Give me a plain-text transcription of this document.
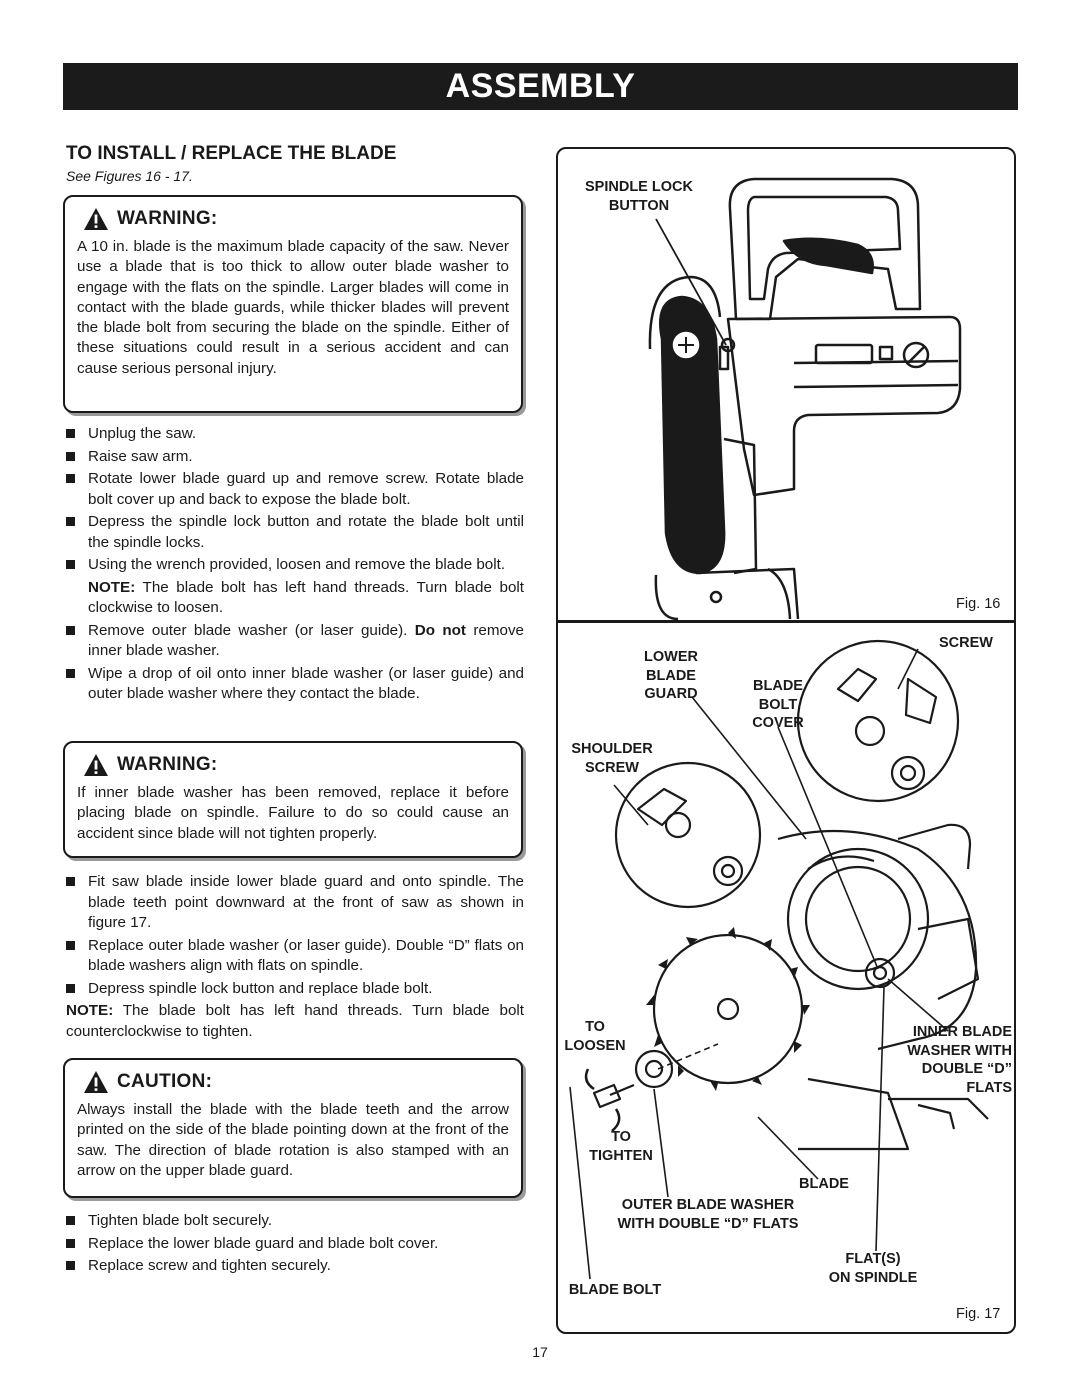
ASSEMBLY
TO INSTALL / REPLACE THE BLADE
See Figures 16 - 17.
WARNING:

A 10 in. blade is the maximum blade capacity of the saw. Never use a blade that is too thick to allow outer blade washer to engage with the flats on the spindle. Larger blades will come in contact with the blade guards, while thicker blades will prevent the blade bolt from securing the blade on the spindle. Either of these situations could result in a serious accident and can cause serious personal injury.

Unplug the saw.
Raise saw arm.
Rotate lower blade guard up and remove screw. Rotate blade bolt cover up and back to expose the blade bolt.
Depress the spindle lock button and rotate the blade bolt until the spindle locks.
Using the wrench provided, loosen and remove the blade bolt.
NOTE: The blade bolt has left hand threads. Turn blade bolt clockwise to loosen.
Remove outer blade washer (or laser guide). Do not remove inner blade washer.
Wipe a drop of oil onto inner blade washer (or laser guide) and outer blade washer where they contact the blade.
WARNING:

If inner blade washer has been removed, replace it before placing blade on spindle. Failure to do so could cause an accident since blade will not tighten properly.

Fit saw blade inside lower blade guard and onto spindle. The blade teeth point downward at the front of saw as shown in figure 17.
Replace outer blade washer (or laser guide). Double “D” flats on blade washers align with flats on spindle.
Depress spindle lock button and replace blade bolt.
NOTE: The blade bolt has left hand threads. Turn blade bolt counterclockwise to tighten.
CAUTION:

Always install the blade with the blade teeth and the arrow printed on the side of the blade pointing down at the front of the saw. The direction of blade rotation is also stamped with an arrow on the upper blade guard.

Tighten blade bolt securely.
Replace the lower blade guard and blade bolt cover.
Replace screw and tighten securely.
SPINDLE LOCK
BUTTON
Fig. 16
LOWER
BLADE
GUARD
SCREW
BLADE
BOLT
COVER
SHOULDER
SCREW
TO
LOOSEN
INNER BLADE
WASHER WITH
DOUBLE “D”
FLATS
TO
TIGHTEN
BLADE
OUTER BLADE WASHER
WITH DOUBLE “D” FLATS
FLAT(S)
ON SPINDLE
BLADE BOLT
Fig. 17
17
